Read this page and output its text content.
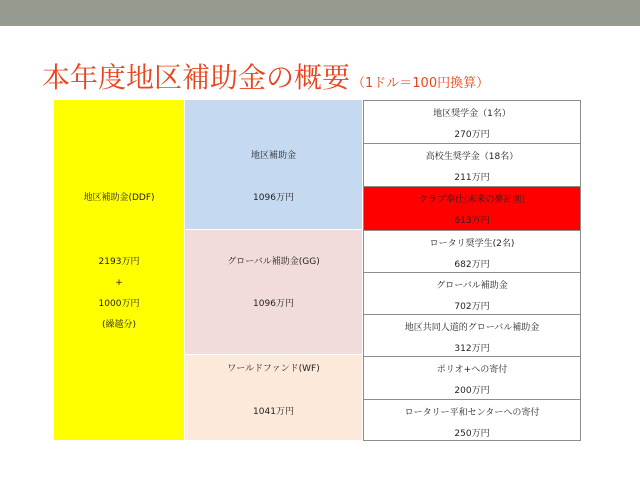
本年度地区補助金の概要 （1ドル＝100円換算）
地区補助金(DDF)
2193万円
+
1000万円
(繰越分)
地区補助金
1096万円
グローバル補助金(GG)
1096万円
ワールドファンド(WF)
1041万円
地区奨学金（1名）
270万円
高校生奨学金（18名）
211万円
クラブ奉仕(未来の夢計画)
613万円
ロータリ奨学生(2名)
682万円
グローバル補助金
702万円
地区共同人道的グローバル補助金
312万円
ポリオ+への寄付
200万円
ロータリー平和センターへの寄付
250万円
